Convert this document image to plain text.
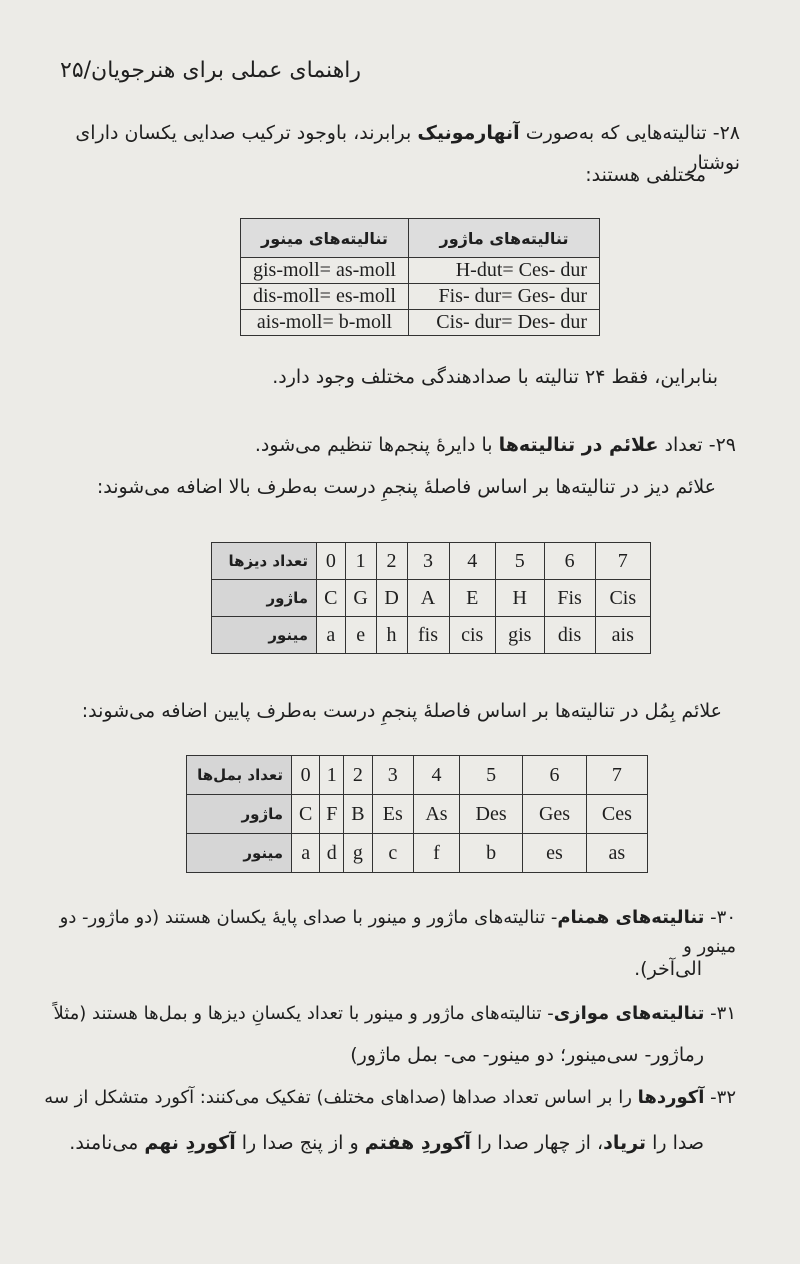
راهنمای عملی برای هنرجویان/۲۵
۲۸- تنالیته‌هایی که به‌صورت آنهارمونیک برابرند، باوجود ترکیب صدایی یکسان دارای نوشتار
مختلفی هستند:
تنالیته‌های مینور	تنالیته‌های ماژور
gis-moll= as-moll	H-dut= Ces- dur
dis-moll= es-moll	Fis- dur= Ges- dur
ais-moll= b-moll	Cis- dur= Des- dur
بنابراین، فقط ۲۴ تنالیته با صدادهندگی مختلف وجود دارد.
۲۹- تعداد علائم در تنالیته‌ها با دایرهٔ پنجم‌ها تنظیم می‌شود.
علائم دیز در تنالیته‌ها بر اساس فاصلهٔ پنجمِ درست به‌طرف بالا اضافه می‌شوند:
تعداد دیزها	0	1	2	3	4	5	6	7
ماژور	C	G	D	A	E	H	Fis	Cis
مینور	a	e	h	fis	cis	gis	dis	ais
علائم بِمُل در تنالیته‌ها بر اساس فاصلهٔ پنجمِ درست به‌طرف پایین اضافه می‌شوند:
تعداد بمل‌ها	0	1	2	3	4	5	6	7
ماژور	C	F	B	Es	As	Des	Ges	Ces
مینور	a	d	g	c	f	b	es	as
۳۰- تنالیته‌های همنام- تنالیته‌های ماژور و مینور با صدای پایهٔ یکسان هستند (دو ماژور- دو مینور و
الی‌آخر).
۳۱- تنالیته‌های موازی- تنالیته‌های ماژور و مینور با تعداد یکسانِ دیزها و بمل‌ها هستند (مثلاً
رماژور- سی‌مینور؛ دو مینور- می- بمل ماژور)
۳۲- آکوردها را بر اساس تعداد صداها (صداهای مختلف) تفکیک می‌کنند: آکورد متشکل از سه
صدا را تریاد، از چهار صدا را آکوردِ هفتم و از پنج صدا را آکوردِ نهم می‌نامند.
